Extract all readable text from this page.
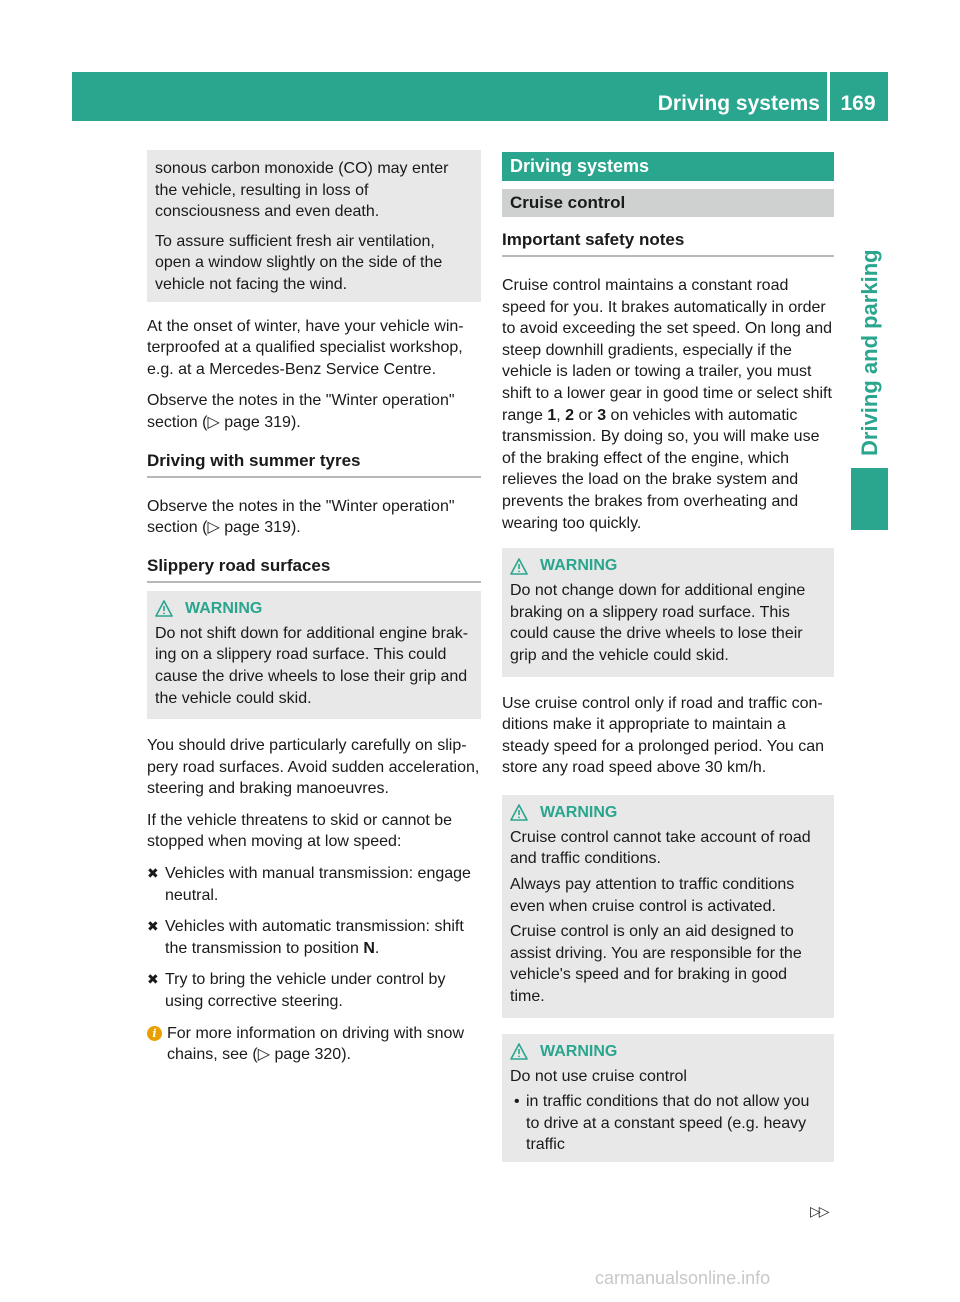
Driving systems 169
Driving and parking

sonous carbon monoxide (CO) may enter the vehicle, resulting in loss of consciousness and even death.

To assure sufficient fresh air ventilation, open a window slightly on the side of the vehicle not facing the wind.

At the onset of winter, have your vehicle winterproofed at a qualified specialist workshop, e.g. at a Mercedes-Benz Service Centre.

Observe the notes in the "Winter operation" section (▷ page 319).

Driving with summer tyres

Observe the notes in the "Winter operation" section (▷ page 319).

Slippery road surfaces
WARNING

Do not shift down for additional engine braking on a slippery road surface. This could cause the drive wheels to lose their grip and the vehicle could skid.

You should drive particularly carefully on slippery road surfaces. Avoid sudden acceleration, steering and braking manoeuvres.

If the vehicle threatens to skid or cannot be stopped when moving at low speed:

✖ Vehicles with manual transmission: engage neutral.
✖ Vehicles with automatic transmission: shift the transmission to position N.
✖ Try to bring the vehicle under control by using corrective steering.
i For more information on driving with snow chains, see (▷ page 320).
Driving systems
Cruise control
Important safety notes

Cruise control maintains a constant road speed for you. It brakes automatically in order to avoid exceeding the set speed. On long and steep downhill gradients, especially if the vehicle is laden or towing a trailer, you must shift to a lower gear in good time or select shift range 1, 2 or 3 on vehicles with automatic transmission. By doing so, you will make use of the braking effect of the engine, which relieves the load on the brake system and prevents the brakes from overheating and wearing too quickly.

WARNING

Do not change down for additional engine braking on a slippery road surface. This could cause the drive wheels to lose their grip and the vehicle could skid.

Use cruise control only if road and traffic conditions make it appropriate to maintain a steady speed for a prolonged period. You can store any road speed above 30 km/h.

WARNING

Cruise control cannot take account of road and traffic conditions.

Always pay attention to traffic conditions even when cruise control is activated.

Cruise control is only an aid designed to assist driving. You are responsible for the vehicle's speed and for braking in good time.

WARNING

Do not use cruise control

• in traffic conditions that do not allow you to drive at a constant speed (e.g. heavy traffic
▷▷
carmanualsonline.info
